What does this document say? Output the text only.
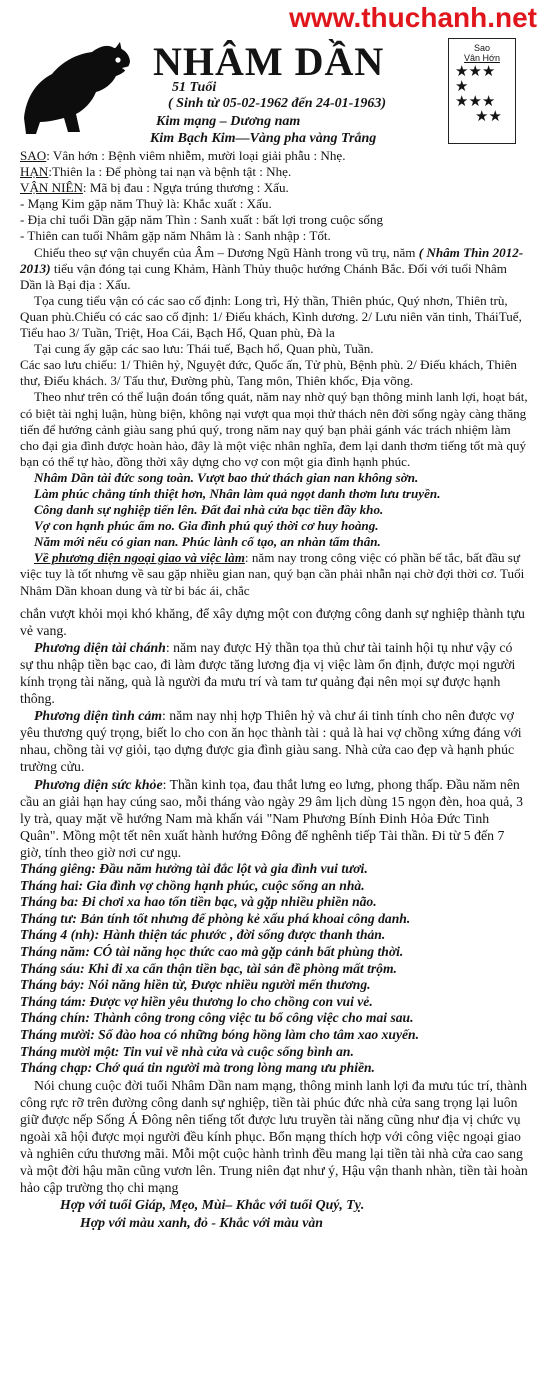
www.thuchanh.net
NHÂM DẦN
51 Tuổi
( Sinh từ 05-02-1962 đến 24-01-1963)
Kim mạng – Dương nam
Kim Bạch Kim—Vàng pha vàng Trắng
Sao
Vân Hớn
★★★
★
★★★
★★

SAO: Vân hớn : Bệnh viêm nhiễm, mười loại giải phẫu : Nhẹ.

HẠN:Thiên la : Để phòng tai nạn và bệnh tật : Nhẹ.

VẬN NIÊN: Mã bị đau : Ngựa trúng thương : Xấu.

- Mạng Kim gặp năm Thuỷ là: Khắc xuất : Xấu.

- Địa chỉ tuổi Dần gặp năm Thìn : Sanh xuất : bất lợi trong cuộc sống

- Thiên can tuổi Nhâm gặp năm Nhâm là : Sanh nhập : Tốt.

Chiếu theo sự vận chuyển của Âm – Dương Ngũ Hành trong vũ trụ, năm ( Nhâm Thìn 2012-2013) tiểu vận đóng tại cung Khảm, Hành Thủy thuộc hướng Chánh Bắc. Đối với tuổi Nhâm Dần là Bại địa : Xấu.

Tọa cung tiểu vận có các sao cố định: Long trì, Hỷ thần, Thiên phúc, Quý nhơn, Thiên trù, Quan phù.Chiếu có các sao cố định: 1/ Điếu khách, Kình dương. 2/ Lưu niên văn tinh, TháiTuế, Tiểu hao 3/ Tuần, Triệt, Hoa Cái, Bạch Hổ, Quan phù, Đà la

Tại cung ấy gặp các sao lưu: Thái tuế, Bạch hổ, Quan phù, Tuần.

Các sao lưu chiếu: 1/ Thiên hỷ, Nguyệt đức, Quốc ấn, Tử phù, Bệnh phù. 2/ Điếu khách, Thiên thư, Điếu khách. 3/ Tấu thư, Đường phù, Tang môn, Thiên khốc, Địa võng.

Theo như trên có thể luận đoán tổng quát, năm nay nhờ quý bạn thông minh lanh lợi, hoạt bát, có biệt tài nghị luận, hùng biện, không nại vượt qua mọi thử thách nên đời sống ngày càng thăng tiến để hướng cảnh giàu sang phú quý, trong năm nay quý bạn phải gánh vác trách nhiệm làm cho đại gia đình được hoàn hảo, đây là một việc nhân nghĩa, đem lại danh thơm tiếng tốt mà quý bạn có thể tự hào, đồng thời xây dựng cho vợ con một gia đình hạnh phúc.

Nhâm Dần tài đức song toàn. Vượt bao thử thách gian nan không sờn.

Làm phúc chẳng tính thiệt hơn, Nhân làm quả ngọt danh thơm lưu truyền.

Công danh sự nghiệp tiến lên. Đất đai nhà cửa bạc tiền đầy kho.

Vợ con hạnh phúc ấm no. Gia đình phú quý thời cơ huy hoàng.

Năm mới nếu có gian nan. Phúc lành cố tạo, an nhàn tấm thân.

Về phương diện ngoại giao và việc làm: năm nay trong công việc có phần bế tắc, bất đầu sự việc tuy là tốt nhưng về sau gặp nhiều gian nan, quý bạn cần phải nhẫn nại chờ đợi thời cơ. Tuổi Nhâm Dần khoan dung và từ bi bác ái, chắc

chắn vượt khỏi mọi khó khăng, để xây dựng một con đượng công danh sự nghiệp thành tựu vẻ vang.

Phương diện tài chánh: năm nay được Hỷ thần tọa thủ chư tài tainh hội tụ như vậy có sự thu nhập tiền bạc cao, đi làm được tăng lương địa vị việc làm ổn định, được mọi người kính trọng tài năng, quà là người đa mưu trí và tam tư quảng đại nên mọi sự được hạnh thông.

Phương diện tình cảm: năm nay nhị hợp Thiên hỷ và chư ái tinh tính cho nên được vợ yêu thương quý trọng, biết lo cho con ăn học thành tài : quả là hai vợ chồng xứng đáng với nhau, chồng tài vợ giỏi, tạo dựng được gia đình giàu sang. Nhà cửa cao đẹp và hạnh phúc trường cửu.

Phương diện sức khỏe: Thần kinh tọa, đau thắt lưng eo lưng, phong thấp. Đầu năm nên cầu an giải hạn hay cúng sao, mỗi tháng vào ngày 29 âm lịch dùng 15 ngọn đèn, hoa quả, 3 ly trà, quay mặt về hướng Nam mà khấn vái "Nam Phương Bính Đinh Hỏa Đức Tinh Quân". Mồng một tết nên xuất hành hướng Đông để nghênh tiếp Tài thần. Đi từ 5 đến 7 giờ, tính theo giờ nơi cư ngụ.

Tháng giêng: Đầu năm hưởng tài đắc lột và gia đình vui tươi.

Tháng hai: Gia đình vợ chồng hạnh phúc, cuộc sống an nhà.

Tháng ba: Đi chơi xa hao tổn tiền bạc, và gặp nhiều phiền não.

Tháng tư: Bản tính tốt nhưng để phòng kẻ xấu phá khoai công danh.

Tháng 4 (nh): Hành thiện tác phước , đời sống được thanh thản.

Tháng năm: CÓ tài năng học thức cao mà gặp cảnh bất phùng thời.

Tháng sáu: Khi đi xa cẩn thận tiền bạc, tài sản đề phòng mất trộm.

Tháng bảy: Nói năng hiền từ, Được nhiều người mến thương.

Tháng tám: Được vợ hiền yêu thương lo cho chồng con vui vẻ.

Tháng chín: Thành công trong công việc tu bổ công việc cho mai sau.

Tháng mười: Số đào hoa có những bóng hồng làm cho tâm xao xuyến.

Tháng mười một: Tin vui về nhà cửa và cuộc sống bình an.

Tháng chạp: Chớ quá tin người mà trong lòng mang ưu phiền.

Nói chung cuộc đời tuổi Nhâm Dần nam mạng, thông minh lanh lợi đa mưu túc trí, thành công rực rỡ trên đường công danh sự nghiệp, tiền tài phúc đức nhà cửa sang trọng lại luôn giữ được nếp Sống Á Đông nên tiếng tốt được lưu truyền tài năng cũng như địa vị chức vụ ngoài xã hội được mọi người đều kính phục. Bổn mạng thích hợp với công việc ngoại giao và nghiên cứu thương mãi. Mỗi một cuộc hành trình đều mang lại tiền tài nhà cửa cao sang và một đời hậu mãn cũng vươn lên. Trung niên đạt như ý, Hậu vận thanh nhàn, tiền tài hoàn hảo cập trường thọ chi mạng

Hợp với tuổi Giáp, Mẹo, Mùi– Khắc với tuổi Quý, Tỵ.

Hợp với màu xanh, đỏ - Khắc với màu vàn
